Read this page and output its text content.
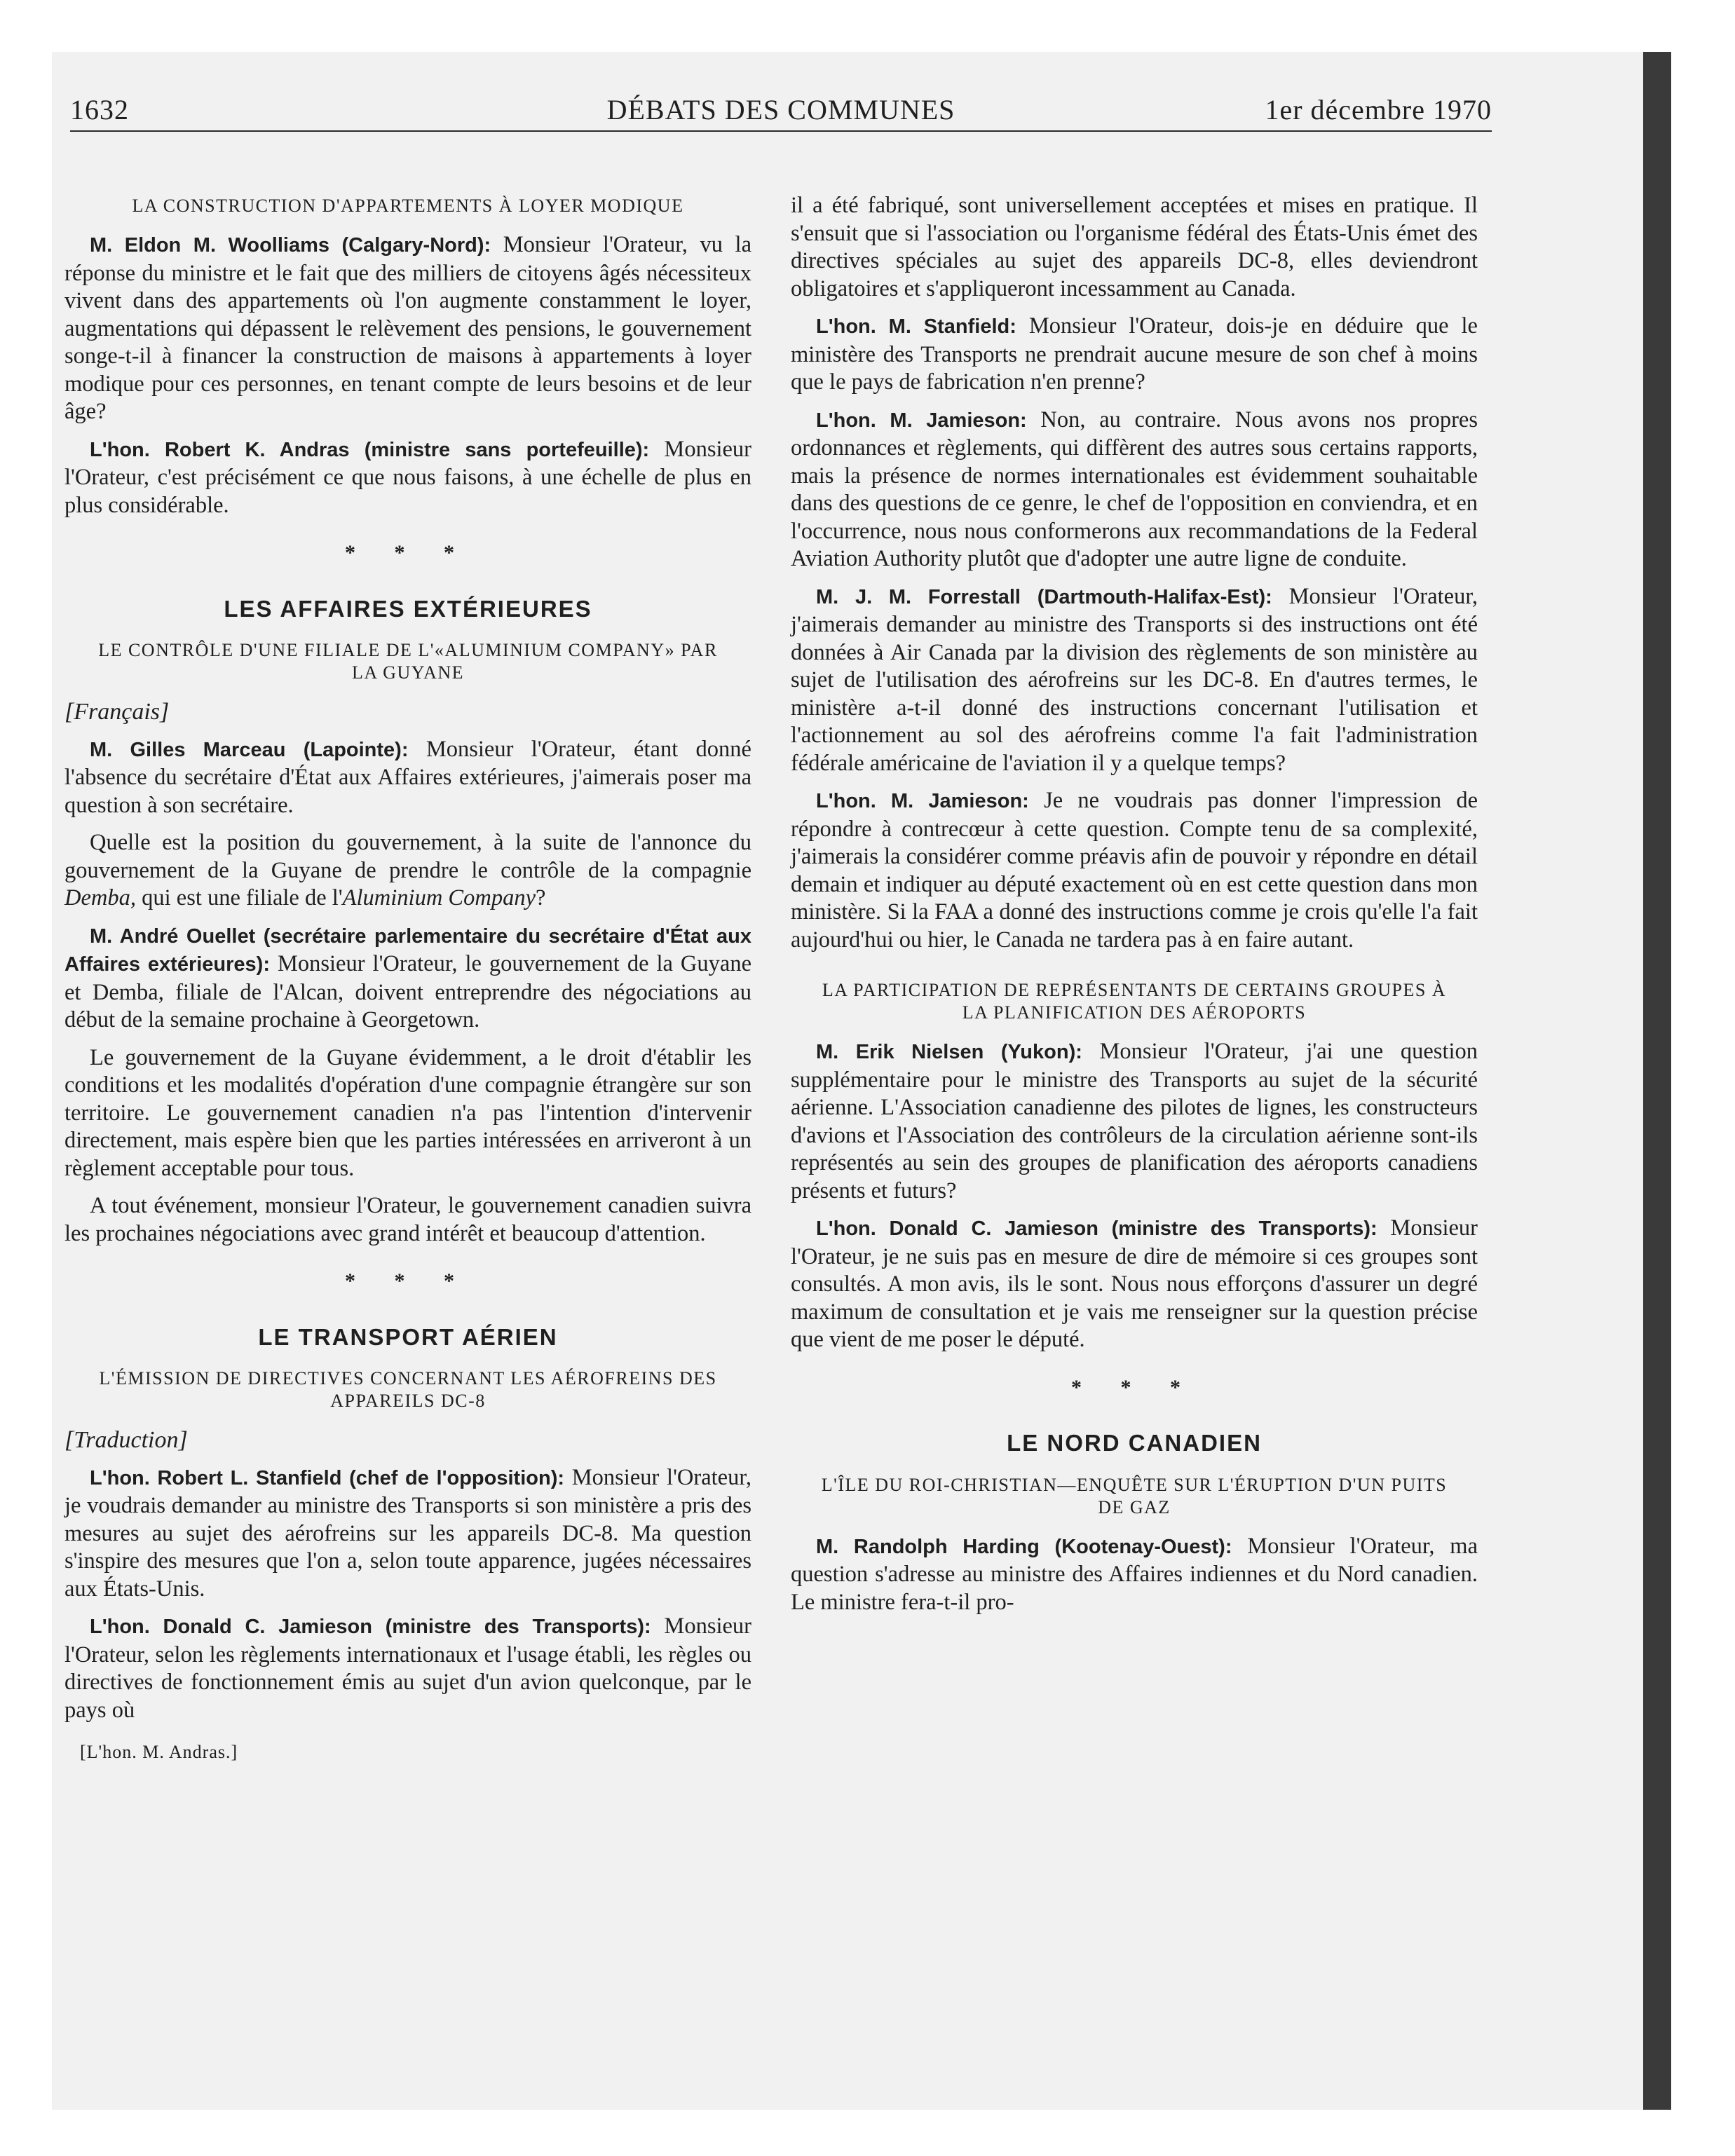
1632	DÉBATS DES COMMUNES	1er décembre 1970
LA CONSTRUCTION D'APPARTEMENTS À LOYER MODIQUE

M. Eldon M. Woolliams (Calgary-Nord): Monsieur l'Orateur, vu la réponse du ministre et le fait que des milliers de citoyens âgés nécessiteux vivent dans des appartements où l'on augmente constamment le loyer, augmentations qui dépassent le relèvement des pensions, le gouvernement songe-t-il à financer la construction de maisons à appartements à loyer modique pour ces personnes, en tenant compte de leurs besoins et de leur âge?

L'hon. Robert K. Andras (ministre sans portefeuille): Monsieur l'Orateur, c'est précisément ce que nous faisons, à une échelle de plus en plus considérable.

* * *
LES AFFAIRES EXTÉRIEURES
LE CONTRÔLE D'UNE FILIALE DE L'«ALUMINIUM COMPANY» PAR LA GUYANE
[Français]

M. Gilles Marceau (Lapointe): Monsieur l'Orateur, étant donné l'absence du secrétaire d'État aux Affaires extérieures, j'aimerais poser ma question à son secrétaire.

Quelle est la position du gouvernement, à la suite de l'annonce du gouvernement de la Guyane de prendre le contrôle de la compagnie Demba, qui est une filiale de l'Aluminium Company?

M. André Ouellet (secrétaire parlementaire du secrétaire d'État aux Affaires extérieures): Monsieur l'Orateur, le gouvernement de la Guyane et Demba, filiale de l'Alcan, doivent entreprendre des négociations au début de la semaine prochaine à Georgetown.

Le gouvernement de la Guyane évidemment, a le droit d'établir les conditions et les modalités d'opération d'une compagnie étrangère sur son territoire. Le gouvernement canadien n'a pas l'intention d'intervenir directement, mais espère bien que les parties intéressées en arriveront à un règlement acceptable pour tous.

A tout événement, monsieur l'Orateur, le gouvernement canadien suivra les prochaines négociations avec grand intérêt et beaucoup d'attention.

* * *
LE TRANSPORT AÉRIEN
L'ÉMISSION DE DIRECTIVES CONCERNANT LES AÉROFREINS DES APPAREILS DC-8
[Traduction]

L'hon. Robert L. Stanfield (chef de l'opposition): Monsieur l'Orateur, je voudrais demander au ministre des Transports si son ministère a pris des mesures au sujet des aérofreins sur les appareils DC-8. Ma question s'inspire des mesures que l'on a, selon toute apparence, jugées nécessaires aux États-Unis.

L'hon. Donald C. Jamieson (ministre des Transports): Monsieur l'Orateur, selon les règlements internationaux et l'usage établi, les règles ou directives de fonctionnement émis au sujet d'un avion quelconque, par le pays où

[L'hon. M. Andras.]

il a été fabriqué, sont universellement acceptées et mises en pratique. Il s'ensuit que si l'association ou l'organisme fédéral des États-Unis émet des directives spéciales au sujet des appareils DC-8, elles deviendront obligatoires et s'appliqueront incessamment au Canada.

L'hon. M. Stanfield: Monsieur l'Orateur, dois-je en déduire que le ministère des Transports ne prendrait aucune mesure de son chef à moins que le pays de fabrication n'en prenne?

L'hon. M. Jamieson: Non, au contraire. Nous avons nos propres ordonnances et règlements, qui diffèrent des autres sous certains rapports, mais la présence de normes internationales est évidemment souhaitable dans des questions de ce genre, le chef de l'opposition en conviendra, et en l'occurrence, nous nous conformerons aux recommandations de la Federal Aviation Authority plutôt que d'adopter une autre ligne de conduite.

M. J. M. Forrestall (Dartmouth-Halifax-Est): Monsieur l'Orateur, j'aimerais demander au ministre des Transports si des instructions ont été données à Air Canada par la division des règlements de son ministère au sujet de l'utilisation des aérofreins sur les DC-8. En d'autres termes, le ministère a-t-il donné des instructions concernant l'utilisation et l'actionnement au sol des aérofreins comme l'a fait l'administration fédérale américaine de l'aviation il y a quelque temps?

L'hon. M. Jamieson: Je ne voudrais pas donner l'impression de répondre à contrecœur à cette question. Compte tenu de sa complexité, j'aimerais la considérer comme préavis afin de pouvoir y répondre en détail demain et indiquer au député exactement où en est cette question dans mon ministère. Si la FAA a donné des instructions comme je crois qu'elle l'a fait aujourd'hui ou hier, le Canada ne tardera pas à en faire autant.

LA PARTICIPATION DE REPRÉSENTANTS DE CERTAINS GROUPES À LA PLANIFICATION DES AÉROPORTS

M. Erik Nielsen (Yukon): Monsieur l'Orateur, j'ai une question supplémentaire pour le ministre des Transports au sujet de la sécurité aérienne. L'Association canadienne des pilotes de lignes, les constructeurs d'avions et l'Association des contrôleurs de la circulation aérienne sont-ils représentés au sein des groupes de planification des aéroports canadiens présents et futurs?

L'hon. Donald C. Jamieson (ministre des Transports): Monsieur l'Orateur, je ne suis pas en mesure de dire de mémoire si ces groupes sont consultés. A mon avis, ils le sont. Nous nous efforçons d'assurer un degré maximum de consultation et je vais me renseigner sur la question précise que vient de me poser le député.

* * *
LE NORD CANADIEN
L'ÎLE DU ROI-CHRISTIAN—ENQUÊTE SUR L'ÉRUPTION D'UN PUITS DE GAZ

M. Randolph Harding (Kootenay-Ouest): Monsieur l'Orateur, ma question s'adresse au ministre des Affaires indiennes et du Nord canadien. Le ministre fera-t-il pro-
